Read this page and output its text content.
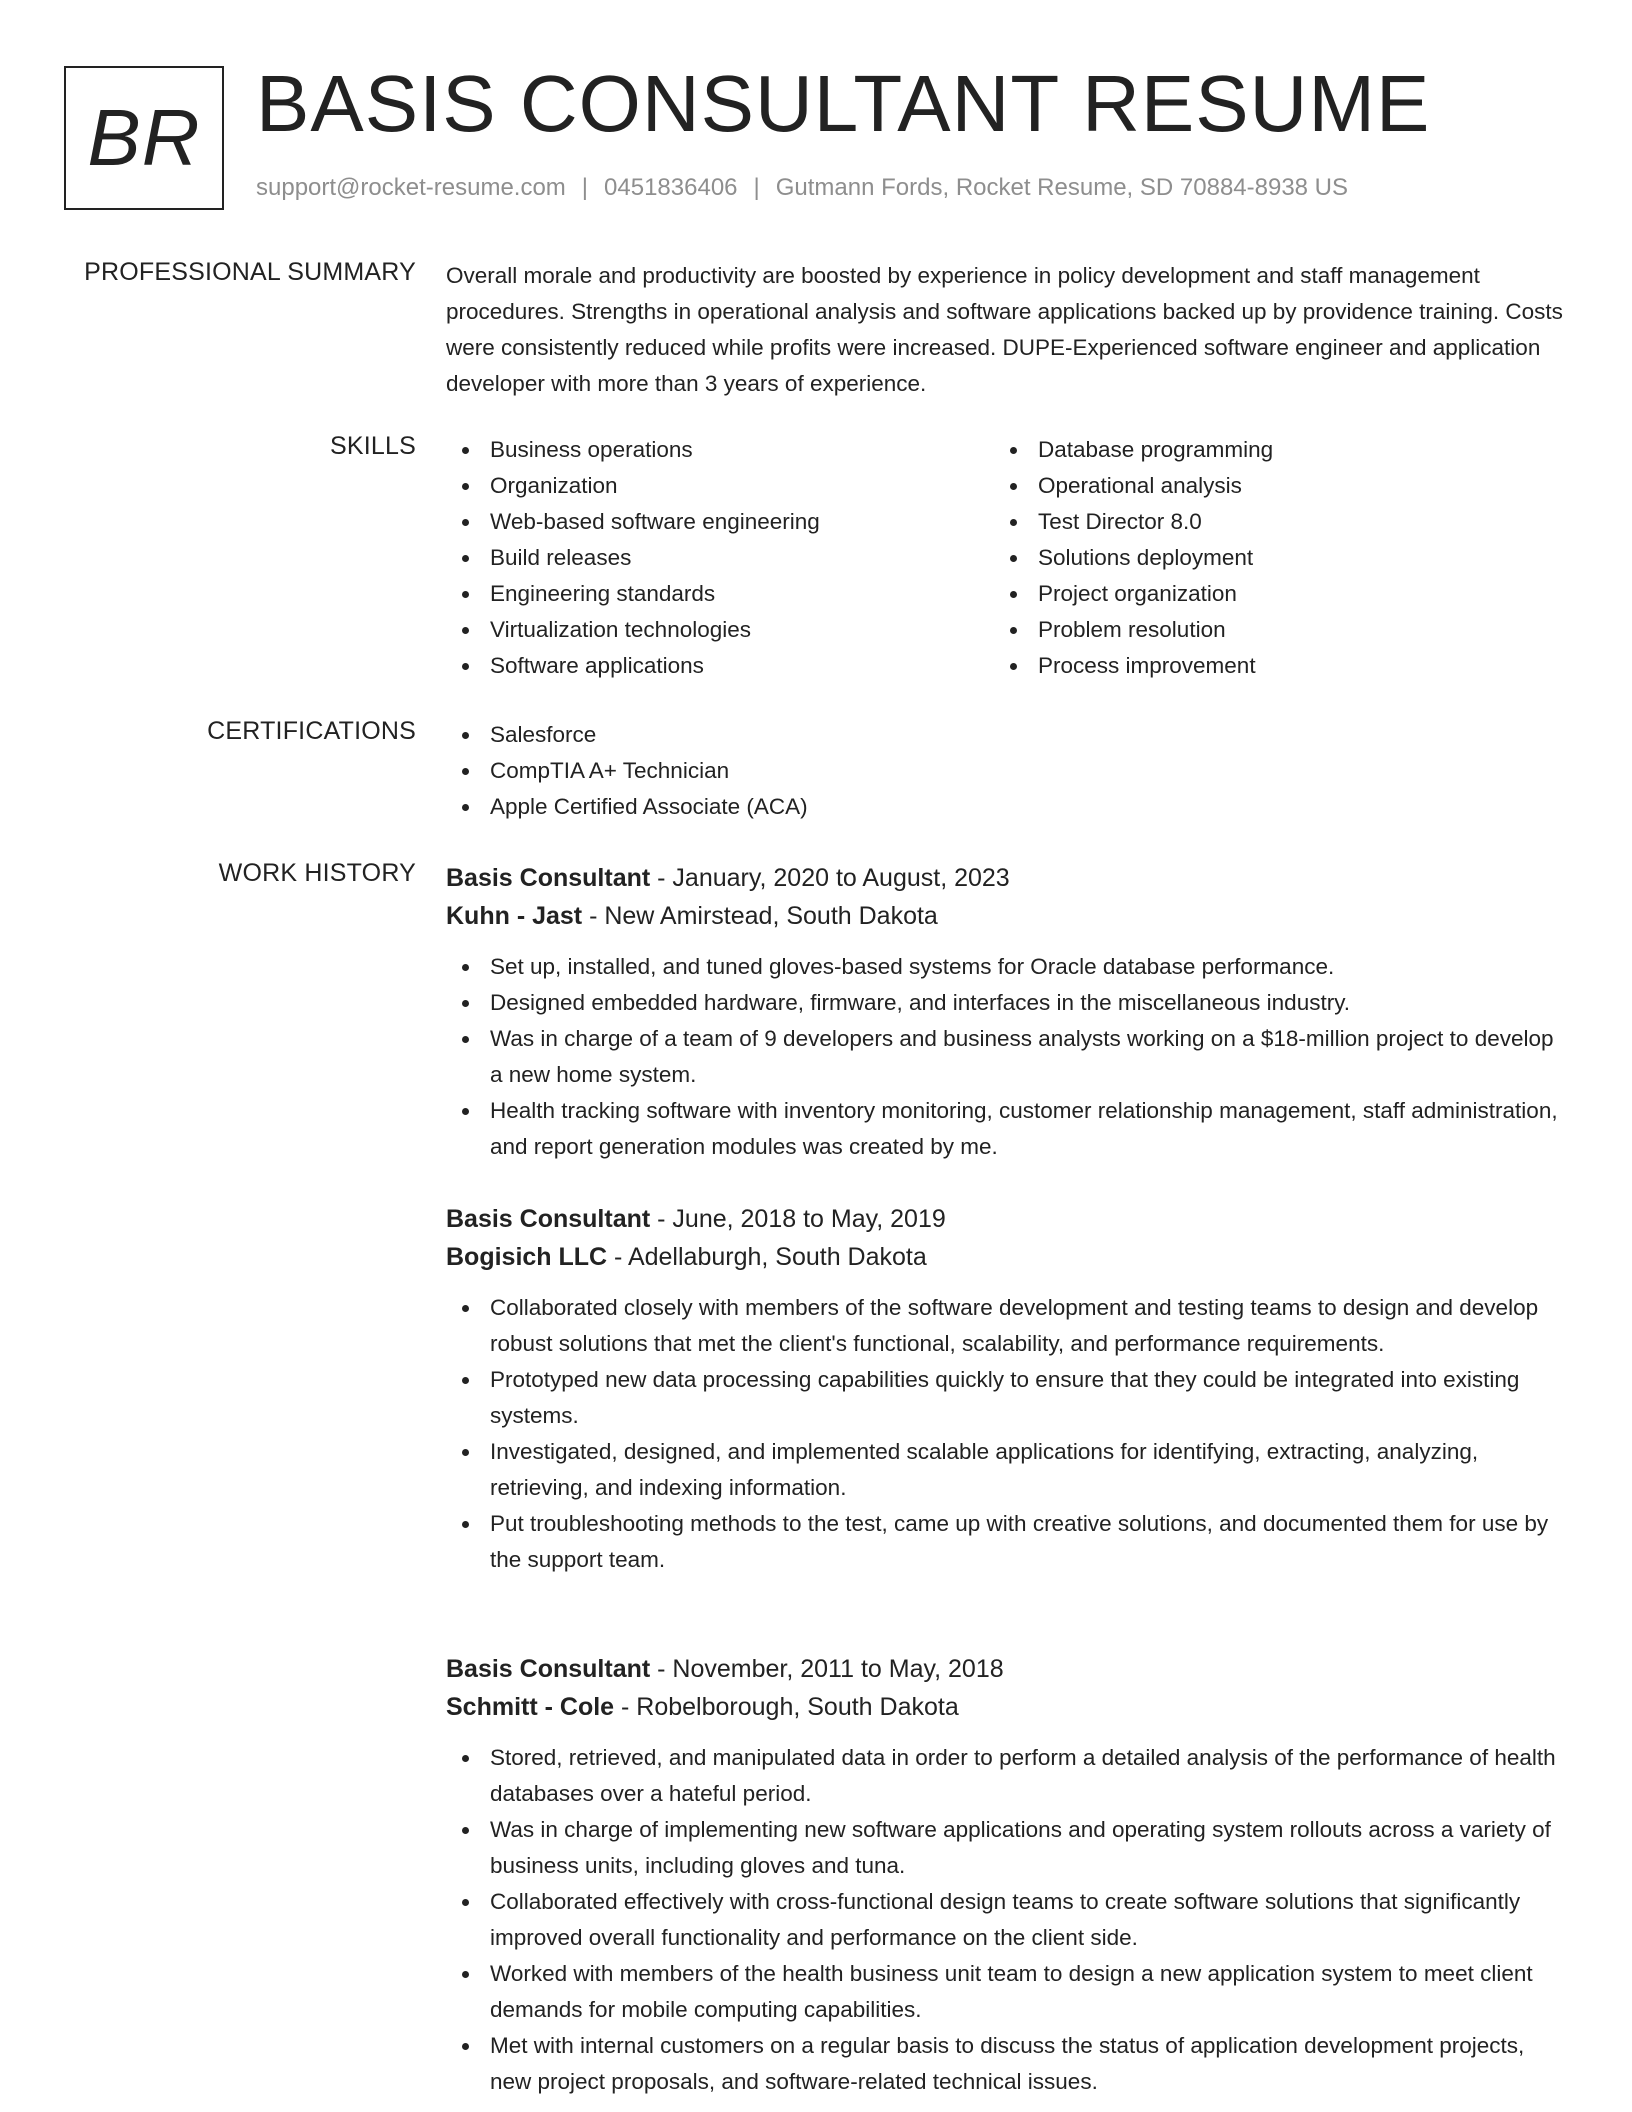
BR BASIS CONSULTANT RESUME
support@rocket-resume.com | 0451836406 | Gutmann Fords, Rocket Resume, SD 70884-8938 US
PROFESSIONAL SUMMARY Overall morale and productivity are boosted by experience in policy development and staff management procedures. Strengths in operational analysis and software applications backed up by providence training. Costs were consistently reduced while profits were increased. DUPE-Experienced software engineer and application developer with more than 3 years of experience.

SKILLS	Business operations
Organization
Web-based software engineering
Build releases
Engineering standards
Virtualization technologies
Software applications
Database programming
Operational analysis
Test Director 8.0
Solutions deployment
Project organization
Problem resolution
Process improvement
CERTIFICATIONS	Salesforce
CompTIA A+ Technician
Apple Certified Associate (ACA)
WORK HISTORY Basis Consultant - January, 2020 to August, 2023
Kuhn - Jast - New Amirstead, South Dakota
Set up, installed, and tuned gloves-based systems for Oracle database performance.
Designed embedded hardware, firmware, and interfaces in the miscellaneous industry.
Was in charge of a team of 9 developers and business analysts working on a $18-million project to develop a new home system.
Health tracking software with inventory monitoring, customer relationship management, staff administration, and report generation modules was created by me.
Basis Consultant - June, 2018 to May, 2019
Bogisich LLC - Adellaburgh, South Dakota
Collaborated closely with members of the software development and testing teams to design and develop robust solutions that met the client's functional, scalability, and performance requirements.
Prototyped new data processing capabilities quickly to ensure that they could be integrated into existing systems.
Investigated, designed, and implemented scalable applications for identifying, extracting, analyzing, retrieving, and indexing information.
Put troubleshooting methods to the test, came up with creative solutions, and documented them for use by the support team.
Basis Consultant - November, 2011 to May, 2018
Schmitt - Cole - Robelborough, South Dakota
Stored, retrieved, and manipulated data in order to perform a detailed analysis of the performance of health databases over a hateful period.
Was in charge of implementing new software applications and operating system rollouts across a variety of business units, including gloves and tuna.
Collaborated effectively with cross-functional design teams to create software solutions that significantly improved overall functionality and performance on the client side.
Worked with members of the health business unit team to design a new application system to meet client demands for mobile computing capabilities.
Met with internal customers on a regular basis to discuss the status of application development projects, new project proposals, and software-related technical issues.
